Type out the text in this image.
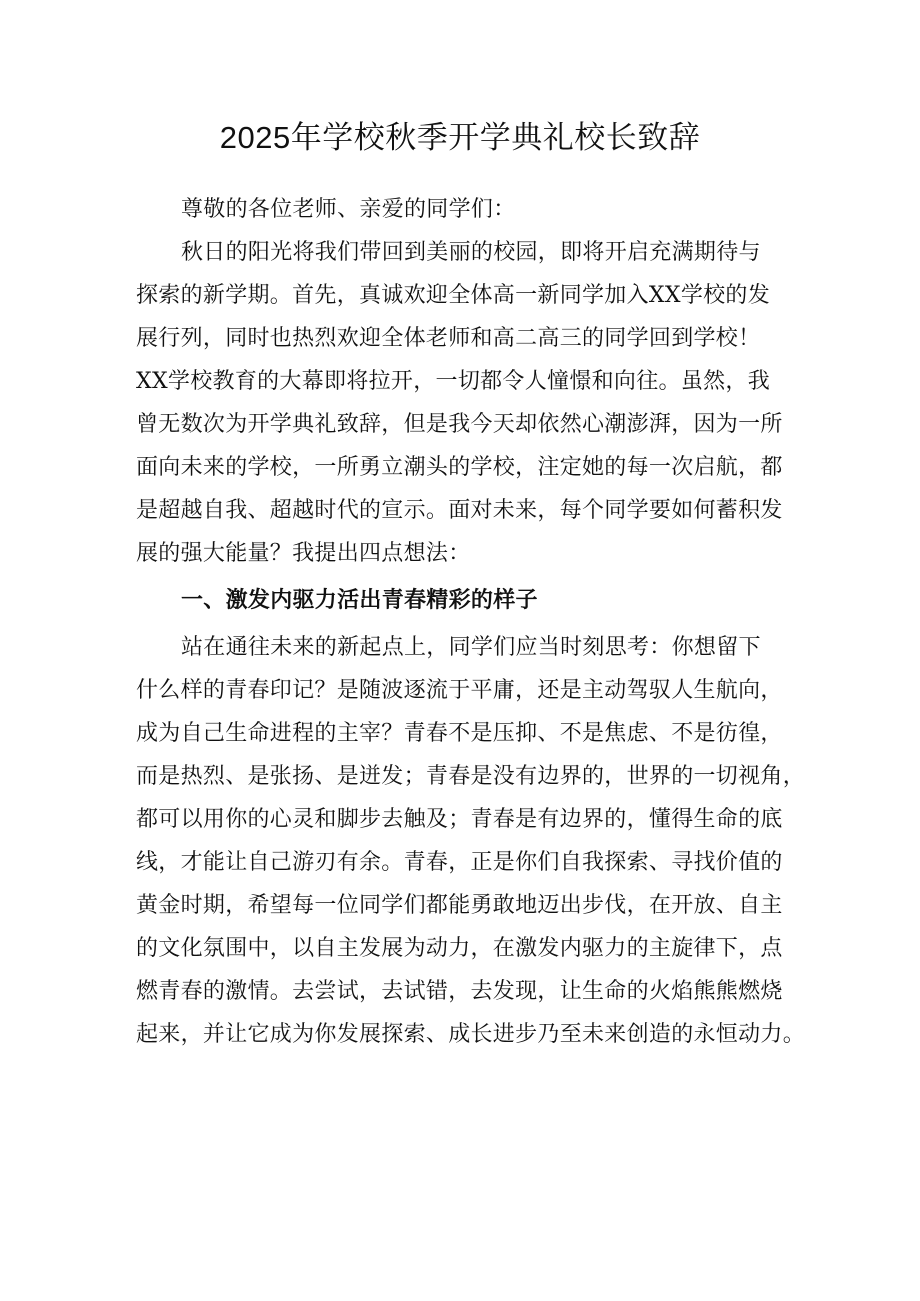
2025年学校秋季开学典礼校长致辞
尊敬的各位老师、亲爱的同学们：
秋日的阳光将我们带回到美丽的校园，即将开启充满期待与
探索的新学期。首先，真诚欢迎全体高一新同学加入XX学校的发
展行列，同时也热烈欢迎全体老师和高二高三的同学回到学校！
XX学校教育的大幕即将拉开，一切都令人憧憬和向往。虽然，我
曾无数次为开学典礼致辞，但是我今天却依然心潮澎湃，因为一所
面向未来的学校，一所勇立潮头的学校，注定她的每一次启航，都
是超越自我、超越时代的宣示。面对未来，每个同学要如何蓄积发
展的强大能量？我提出四点想法：
一、激发内驱力活出青春精彩的样子
站在通往未来的新起点上，同学们应当时刻思考：你想留下
什么样的青春印记？是随波逐流于平庸，还是主动驾驭人生航向，
成为自己生命进程的主宰？青春不是压抑、不是焦虑、不是彷徨，
而是热烈、是张扬、是迸发；青春是没有边界的，世界的一切视角，
都可以用你的心灵和脚步去触及；青春是有边界的，懂得生命的底
线，才能让自己游刃有余。青春，正是你们自我探索、寻找价值的
黄金时期，希望每一位同学们都能勇敢地迈出步伐，在开放、自主
的文化氛围中，以自主发展为动力，在激发内驱力的主旋律下，点
燃青春的激情。去尝试，去试错，去发现，让生命的火焰熊熊燃烧
起来，并让它成为你发展探索、成长进步乃至未来创造的永恒动力。
